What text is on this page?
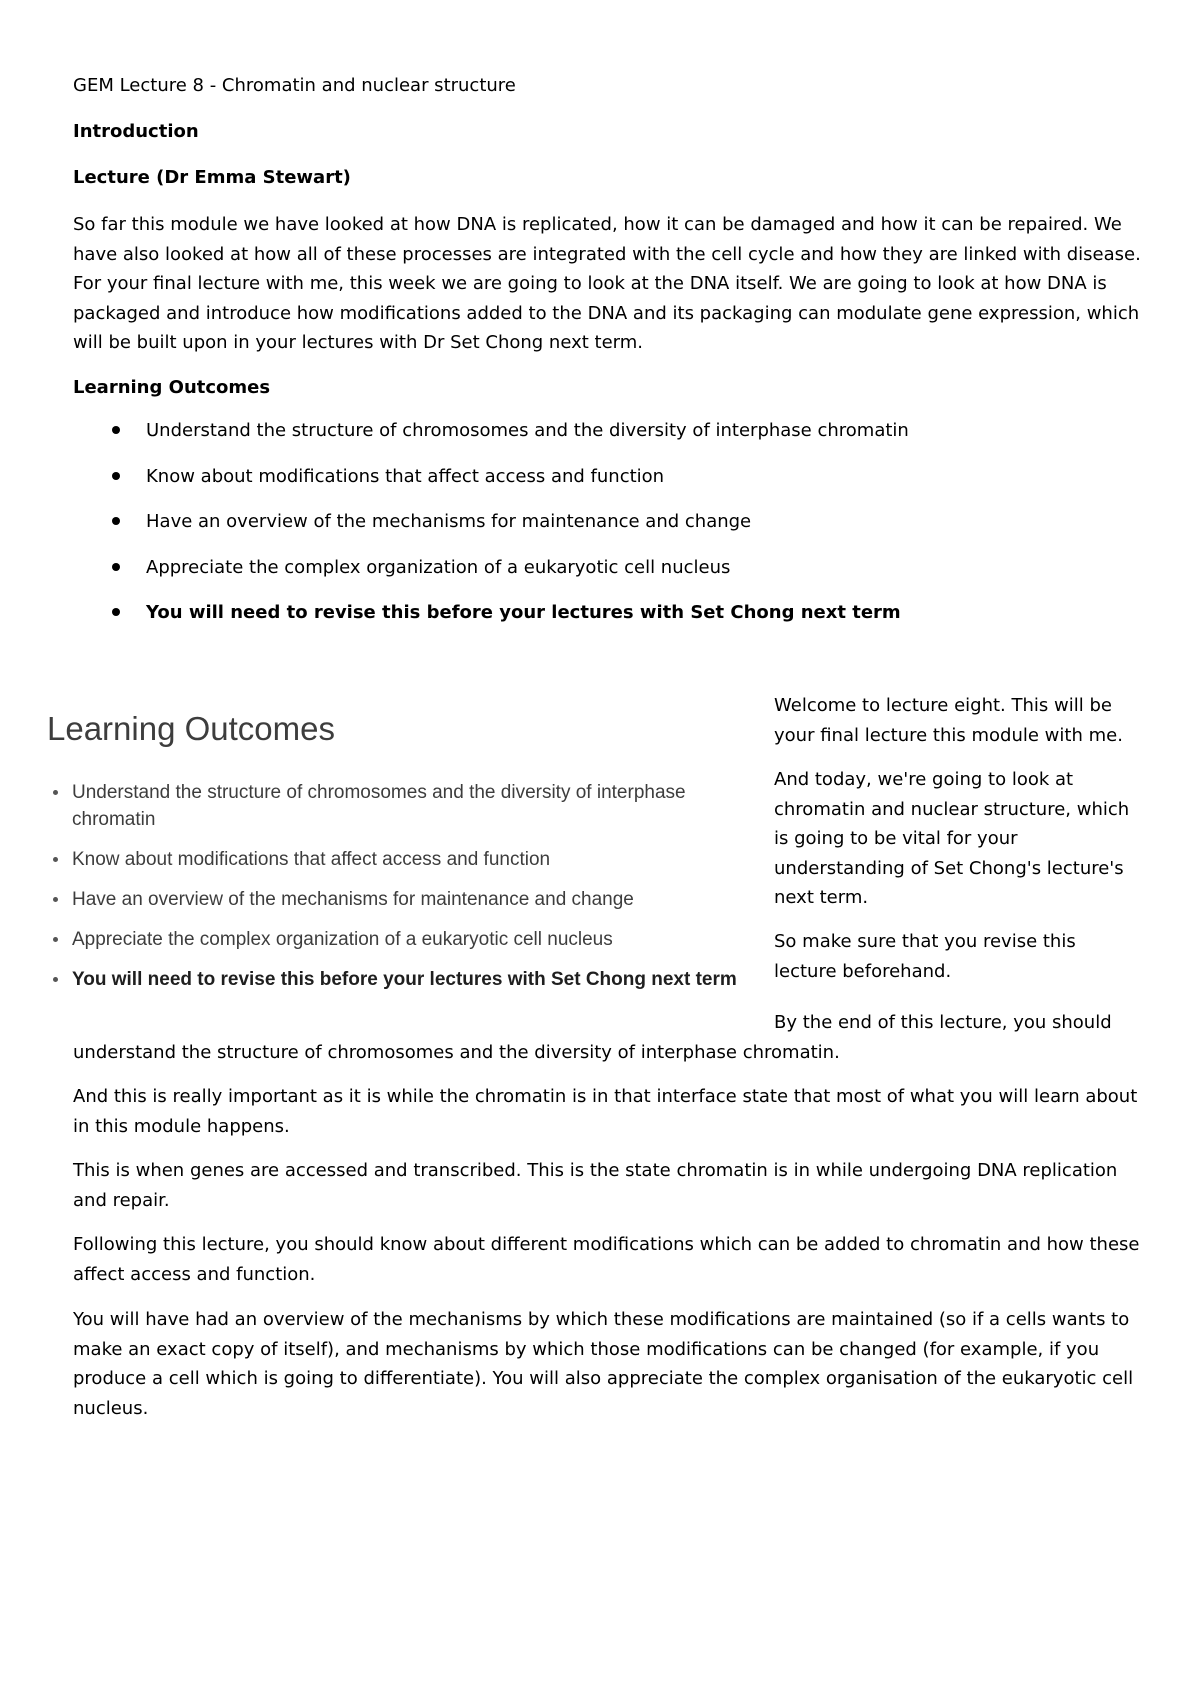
GEM Lecture 8 - Chromatin and nuclear structure
Introduction
Lecture (Dr Emma Stewart)

So far this module we have looked at how DNA is replicated, how it can be damaged and how it can be repaired. We have also looked at how all of these processes are integrated with the cell cycle and how they are linked with disease. For your final lecture with me, this week we are going to look at the DNA itself. We are going to look at how DNA is packaged and introduce how modifications added to the DNA and its packaging can modulate gene expression, which will be built upon in your lectures with Dr Set Chong next term.

Learning Outcomes
Understand the structure of chromosomes and the diversity of interphase chromatin
Know about modifications that affect access and function
Have an overview of the mechanisms for maintenance and change
Appreciate the complex organization of a eukaryotic cell nucleus
You will need to revise this before your lectures with Set Chong next term
Learning Outcomes
Understand the structure of chromosomes and the diversity of interphase chromatin
Know about modifications that affect access and function
Have an overview of the mechanisms for maintenance and change
Appreciate the complex organization of a eukaryotic cell nucleus
You will need to revise this before your lectures with Set Chong next term

Welcome to lecture eight. This will be your final lecture this module with me.

And today, we're going to look at chromatin and nuclear structure, which is going to be vital for your understanding of Set Chong's lecture's next term.

So make sure that you revise this lecture beforehand.

By the end of this lecture, you should

understand the structure of chromosomes and the diversity of interphase chromatin.

And this is really important as it is while the chromatin is in that interface state that most of what you will learn about in this module happens.

This is when genes are accessed and transcribed. This is the state chromatin is in while undergoing DNA replication and repair.

Following this lecture, you should know about different modifications which can be added to chromatin and how these affect access and function.

You will have had an overview of the mechanisms by which these modifications are maintained (so if a cells wants to make an exact copy of itself), and mechanisms by which those modifications can be changed (for example, if you produce a cell which is going to differentiate). You will also appreciate the complex organisation of the eukaryotic cell nucleus.
